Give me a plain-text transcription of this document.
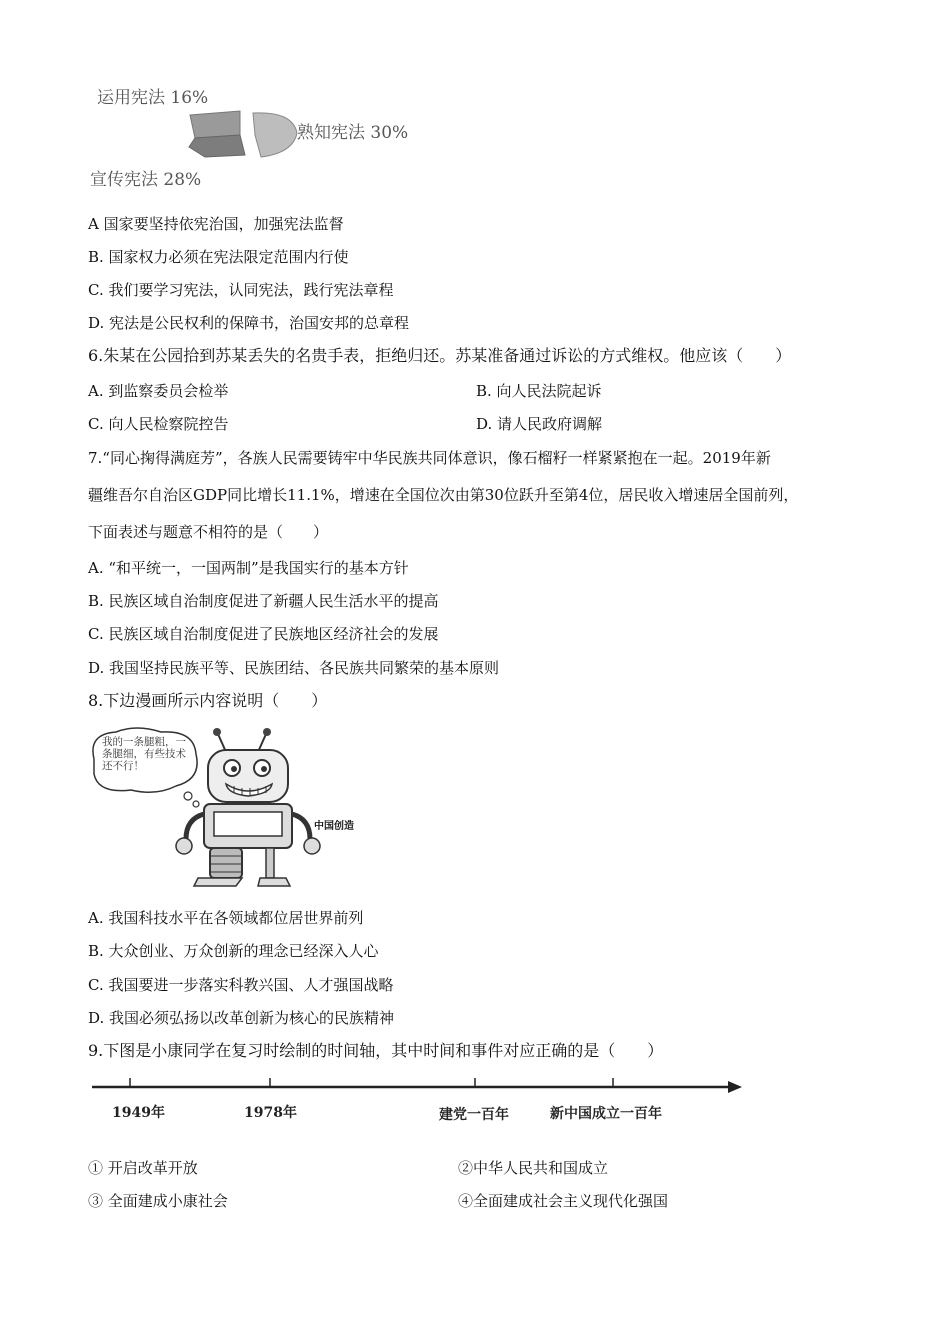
运用宪法 16%
熟知宪法 30%
宣传宪法 28%
A 国家要坚持依宪治国，加强宪法监督
B. 国家权力必须在宪法限定范围内行使
C. 我们要学习宪法，认同宪法，践行宪法章程
D. 宪法是公民权利的保障书，治国安邦的总章程
6.朱某在公园拾到苏某丢失的名贵手表，拒绝归还。苏某准备通过诉讼的方式维权。他应该（　　）
A. 到监察委员会检举	B. 向人民法院起诉
C. 向人民检察院控告	D. 请人民政府调解
7.“同心掬得满庭芳”，各族人民需要铸牢中华民族共同体意识，像石榴籽一样紧紧抱在一起。2019年新
疆维吾尔自治区GDP同比增长11.1%，增速在全国位次由第30位跃升至第4位，居民收入增速居全国前列，
下面表述与题意不相符的是（　　）
A. “和平统一，一国两制”是我国实行的基本方针
B. 民族区域自治制度促进了新疆人民生活水平的提高
C. 民族区域自治制度促进了民族地区经济社会的发展
D. 我国坚持民族平等、民族团结、各民族共同繁荣的基本原则
8.下边漫画所示内容说明（　　）
我的一条腿粗，一条腿细，有些技术还不行！
中国创造
A. 我国科技水平在各领域都位居世界前列
B. 大众创业、万众创新的理念已经深入人心
C. 我国要进一步落实科教兴国、人才强国战略
D. 我国必须弘扬以改革创新为核心的民族精神
9.下图是小康同学在复习时绘制的时间轴，其中时间和事件对应正确的是（　　）
1949年	1978年	建党一百年	新中国成立一百年
① 开启改革开放	②中华人民共和国成立
③ 全面建成小康社会	④全面建成社会主义现代化强国
